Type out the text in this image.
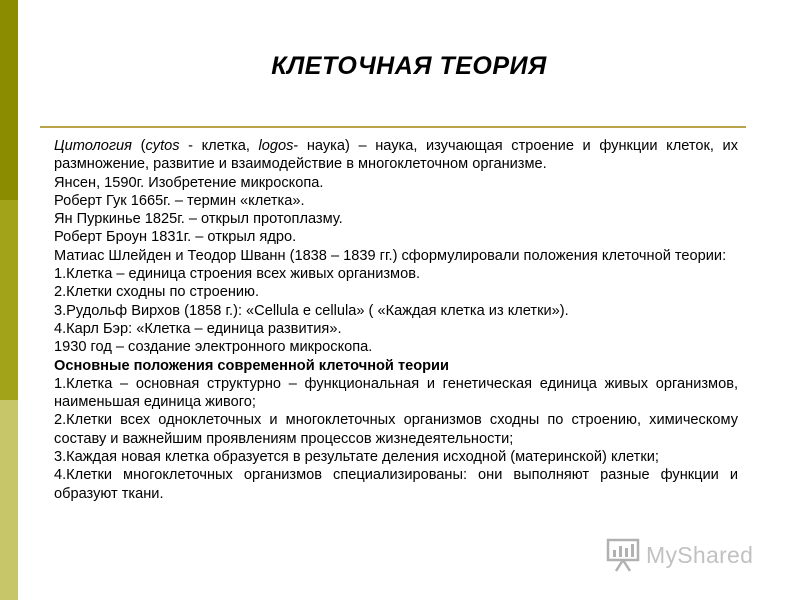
КЛЕТОЧНАЯ ТЕОРИЯ

Цитология (cytos - клетка, logos- наука) – наука, изучающая строение и функции клеток, их размножение, развитие и взаимодействие в многоклеточном организме.

Янсен, 1590г. Изобретение микроскопа.

Роберт Гук 1665г. – термин «клетка».

Ян Пуркинье 1825г. – открыл протоплазму.

Роберт Броун 1831г. – открыл ядро.

Матиас Шлейден и Теодор Шванн (1838 – 1839 гг.) сформулировали положения клеточной теории:

1.Клетка – единица строения всех живых организмов.

2.Клетки сходны по строению.

3.Рудольф Вирхов (1858 г.): «Cellula e cellula» ( «Каждая клетка из клетки»).

4.Карл Бэр: «Клетка – единица развития».

1930 год – создание электронного микроскопа.

Основные положения современной клеточной теории

1.Клетка – основная структурно – функциональная и генетическая единица живых организмов, наименьшая единица живого;

2.Клетки всех одноклеточных и многоклеточных организмов сходны по строению, химическому составу и важнейшим проявлениям процессов жизнедеятельности;

3.Каждая новая клетка образуется в результате деления исходной (материнской) клетки;

4.Клетки многоклеточных организмов специализированы: они выполняют разные функции и образуют ткани.

MyShared
